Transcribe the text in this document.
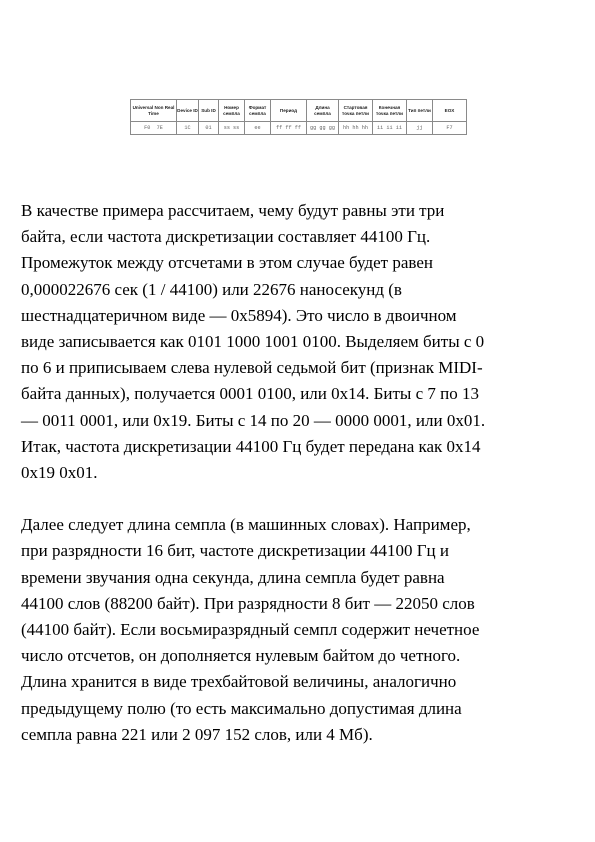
Universal Non Real Time	Device ID	Sub ID	Номер семпла	Формат семпла	Период	Длина семпла	Стартовая точка петли	Конечная точка петли	Тип петли	EOX
F0 7E	1C	01	ss ss	ee	ff ff ff	gg gg gg	hh hh hh	ii ii ii	jj	F7
В качестве примера рассчитаем, чему будут равны эти три
байта, если частота дискретизации составляет 44100 Гц.
Промежуток между отсчетами в этом случае будет равен
0,000022676 сек (1 / 44100) или 22676 наносекунд (в
шестнадцатеричном виде — 0x5894). Это число в двоичном
виде записывается как 0101 1000 1001 0100. Выделяем биты с 0
по 6 и приписываем слева нулевой седьмой бит (признак MIDI-
байта данных), получается 0001 0100, или 0x14. Биты с 7 по 13
— 0011 0001, или 0x19. Биты с 14 по 20 — 0000 0001, или 0x01.
Итак, частота дискретизации 44100 Гц будет передана как 0x14
0x19 0x01.
Далее следует длина семпла (в машинных словах). Например,
при разрядности 16 бит, частоте дискретизации 44100 Гц и
времени звучания одна секунда, длина семпла будет равна
44100 слов (88200 байт). При разрядности 8 бит — 22050 слов
(44100 байт). Если восьмиразрядный семпл содержит нечетное
число отсчетов, он дополняется нулевым байтом до четного.
Длина хранится в виде трехбайтовой величины, аналогично
предыдущему полю (то есть максимально допустимая длина
семпла равна 221 или 2 097 152 слов, или 4 Мб).
